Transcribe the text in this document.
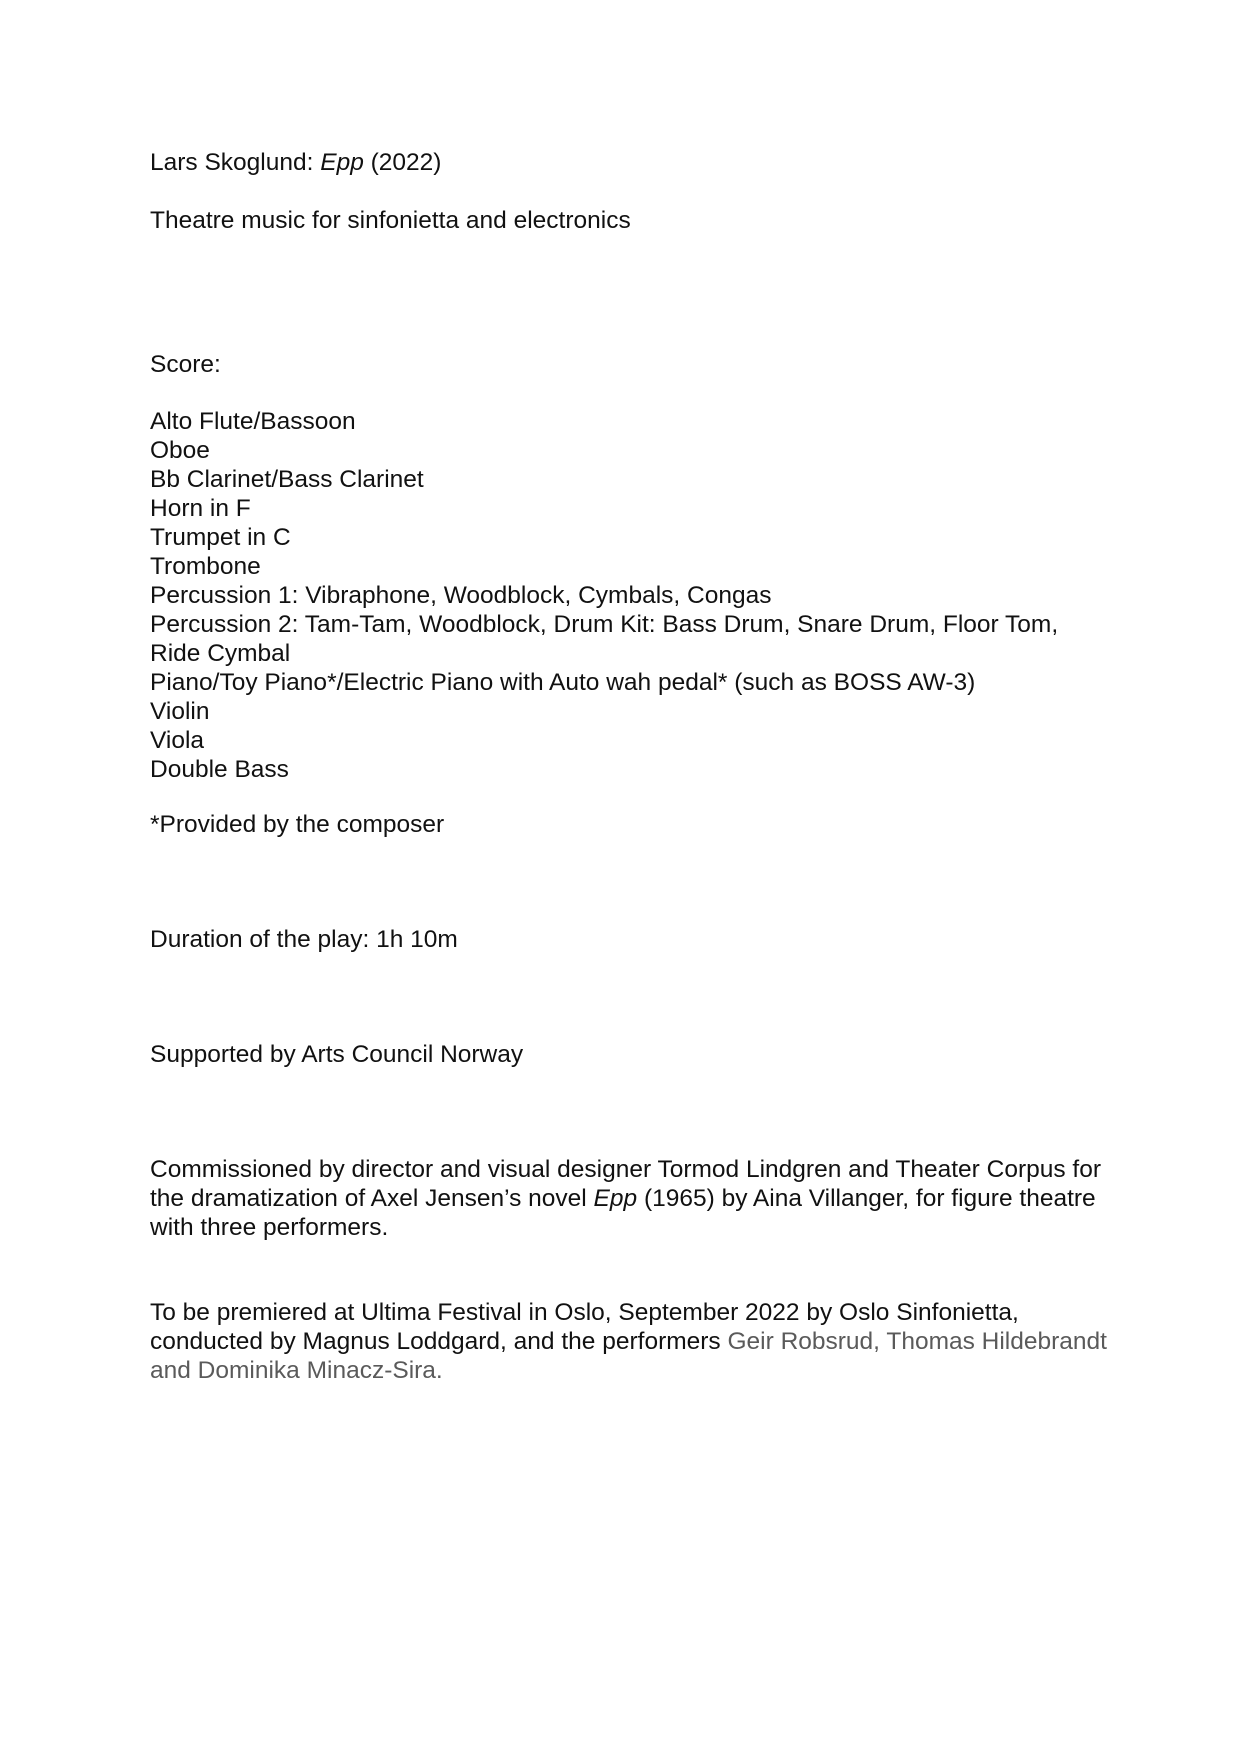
Lars Skoglund: Epp (2022)

Theatre music for sinfonietta and electronics

Score:

Alto Flute/Bassoon
Oboe
Bb Clarinet/Bass Clarinet
Horn in F
Trumpet in C
Trombone
Percussion 1: Vibraphone, Woodblock, Cymbals, Congas
Percussion 2: Tam-Tam, Woodblock, Drum Kit: Bass Drum, Snare Drum, Floor Tom, Ride Cymbal
Piano/Toy Piano*/Electric Piano with Auto wah pedal* (such as BOSS AW-3)
Violin
Viola
Double Bass

*Provided by the composer

Duration of the play: 1h 10m

Supported by Arts Council Norway

Commissioned by director and visual designer Tormod Lindgren and Theater Corpus for the dramatization of Axel Jensen’s novel Epp (1965) by Aina Villanger, for figure theatre with three performers.

To be premiered at Ultima Festival in Oslo, September 2022 by Oslo Sinfonietta, conducted by Magnus Loddgard, and the performers Geir Robsrud, Thomas Hildebrandt and Dominika Minacz-Sira.
